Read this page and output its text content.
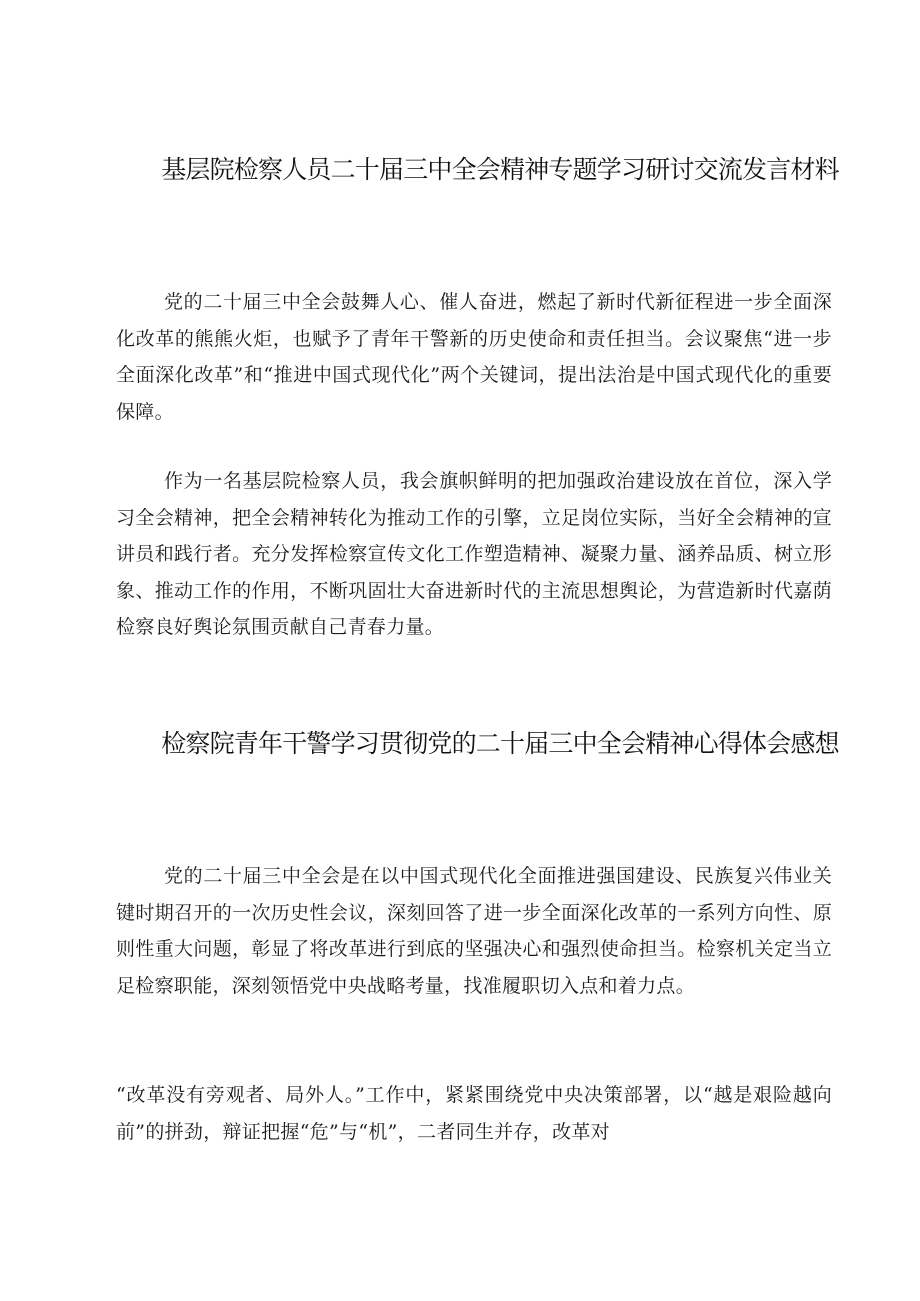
基层院检察人员二十届三中全会精神专题学习研讨交流发言材料

党的二十届三中全会鼓舞人心、催人奋进，燃起了新时代新征程进一步全面深化改革的熊熊火炬，也赋予了青年干警新的历史使命和责任担当。会议聚焦“进一步全面深化改革”和“推进中国式现代化”两个关键词，提出法治是中国式现代化的重要保障。

作为一名基层院检察人员，我会旗帜鲜明的把加强政治建设放在首位，深入学习全会精神，把全会精神转化为推动工作的引擎，立足岗位实际，当好全会精神的宣讲员和践行者。充分发挥检察宣传文化工作塑造精神、凝聚力量、涵养品质、树立形象、推动工作的作用，不断巩固壮大奋进新时代的主流思想舆论，为营造新时代嘉荫检察良好舆论氛围贡献自己青春力量。

检察院青年干警学习贯彻党的二十届三中全会精神心得体会感想

党的二十届三中全会是在以中国式现代化全面推进强国建设、民族复兴伟业关键时期召开的一次历史性会议，深刻回答了进一步全面深化改革的一系列方向性、原则性重大问题，彰显了将改革进行到底的坚强决心和强烈使命担当。检察机关定当立足检察职能，深刻领悟党中央战略考量，找准履职切入点和着力点。

“改革没有旁观者、局外人。”工作中，紧紧围绕党中央决策部署，以“越是艰险越向前”的拼劲，辩证把握“危”与“机”，二者同生并存，改革对
